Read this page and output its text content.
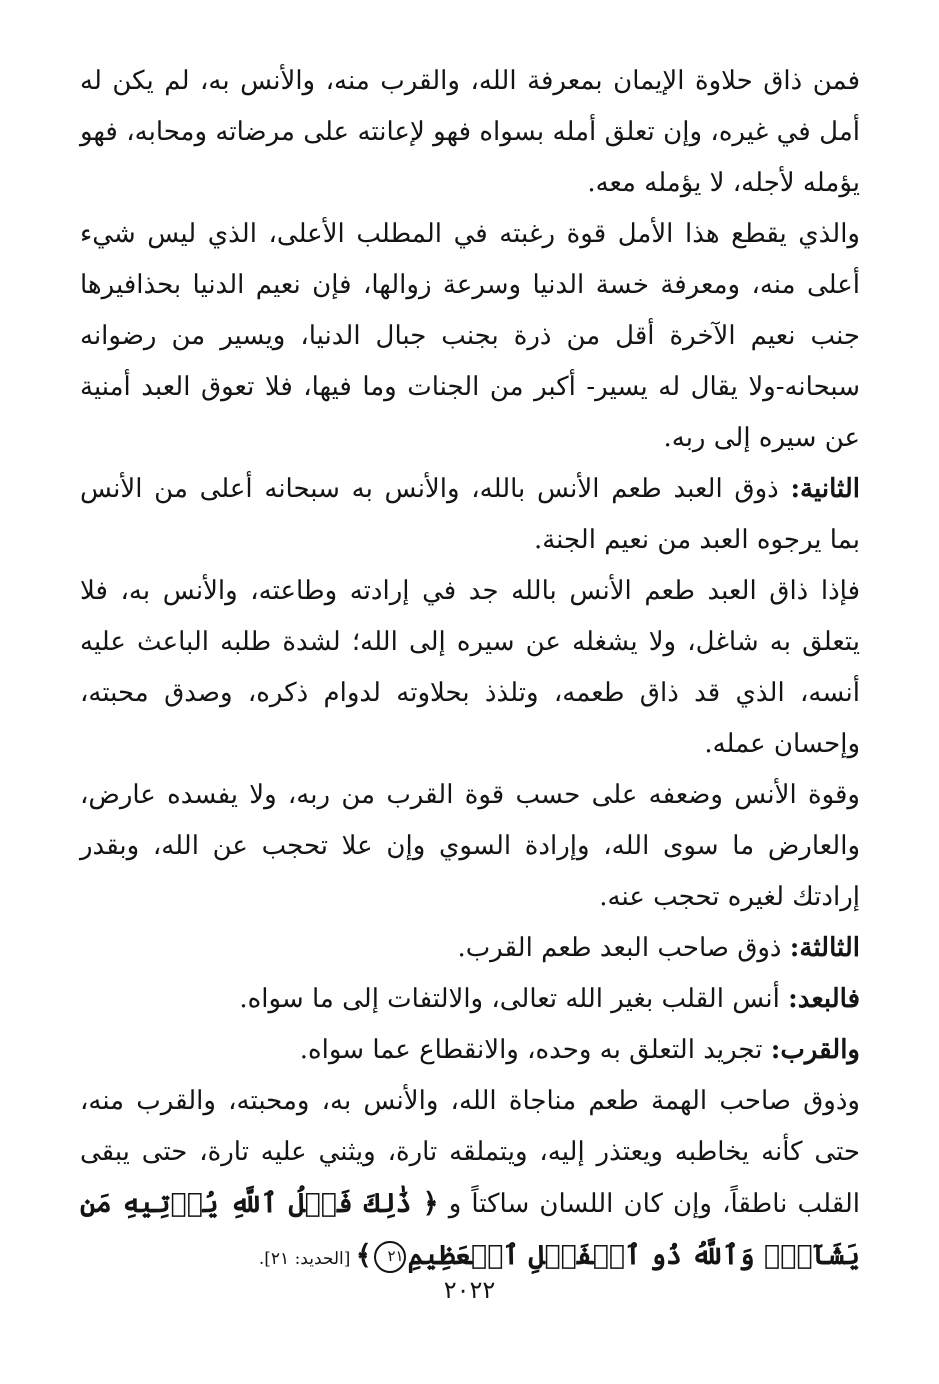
فمن ذاق حلاوة الإيمان بمعرفة الله، والقرب منه، والأنس به، لم يكن له أمل في غيره، وإن تعلق أمله بسواه فهو لإعانته على مرضاته ومحابه، فهو يؤمله لأجله، لا يؤمله معه.

والذي يقطع هذا الأمل قوة رغبته في المطلب الأعلى، الذي ليس شيء أعلى منه، ومعرفة خسة الدنيا وسرعة زوالها، فإن نعيم الدنيا بحذافيرها جنب نعيم الآخرة أقل من ذرة بجنب جبال الدنيا، ويسير من رضوانه سبحانه-ولا يقال له يسير- أكبر من الجنات وما فيها، فلا تعوق العبد أمنية عن سيره إلى ربه.

الثانية: ذوق العبد طعم الأنس بالله، والأنس به سبحانه أعلى من الأنس بما يرجوه العبد من نعيم الجنة.

فإذا ذاق العبد طعم الأنس بالله جد في إرادته وطاعته، والأنس به، فلا يتعلق به شاغل، ولا يشغله عن سيره إلى الله؛ لشدة طلبه الباعث عليه أنسه، الذي قد ذاق طعمه، وتلذذ بحلاوته لدوام ذكره، وصدق محبته، وإحسان عمله.

وقوة الأنس وضعفه على حسب قوة القرب من ربه، ولا يفسده عارض، والعارض ما سوى الله، وإرادة السوي وإن علا تحجب عن الله، وبقدر إرادتك لغيره تحجب عنه.

الثالثة: ذوق صاحب البعد طعم القرب.

فالبعد: أنس القلب بغير الله تعالى، والالتفات إلى ما سواه.

والقرب: تجريد التعلق به وحده، والانقطاع عما سواه.

وذوق صاحب الهمة طعم مناجاة الله، والأنس به، ومحبته، والقرب منه، حتى كأنه يخاطبه ويعتذر إليه، ويتملقه تارة، ويثني عليه تارة، حتى يبقى القلب ناطقاً، وإن كان اللسان ساكتاً و ﴿ ذَٰلِكَ فَضۡلُ ٱللَّهِ يُؤۡتِيهِ مَن يَشَآءُۚ وَٱللَّهُ ذُو ٱلۡفَضۡلِ ٱلۡعَظِيمِ٢١﴾ [الحديد: ٢١].

٢٠٢٢
